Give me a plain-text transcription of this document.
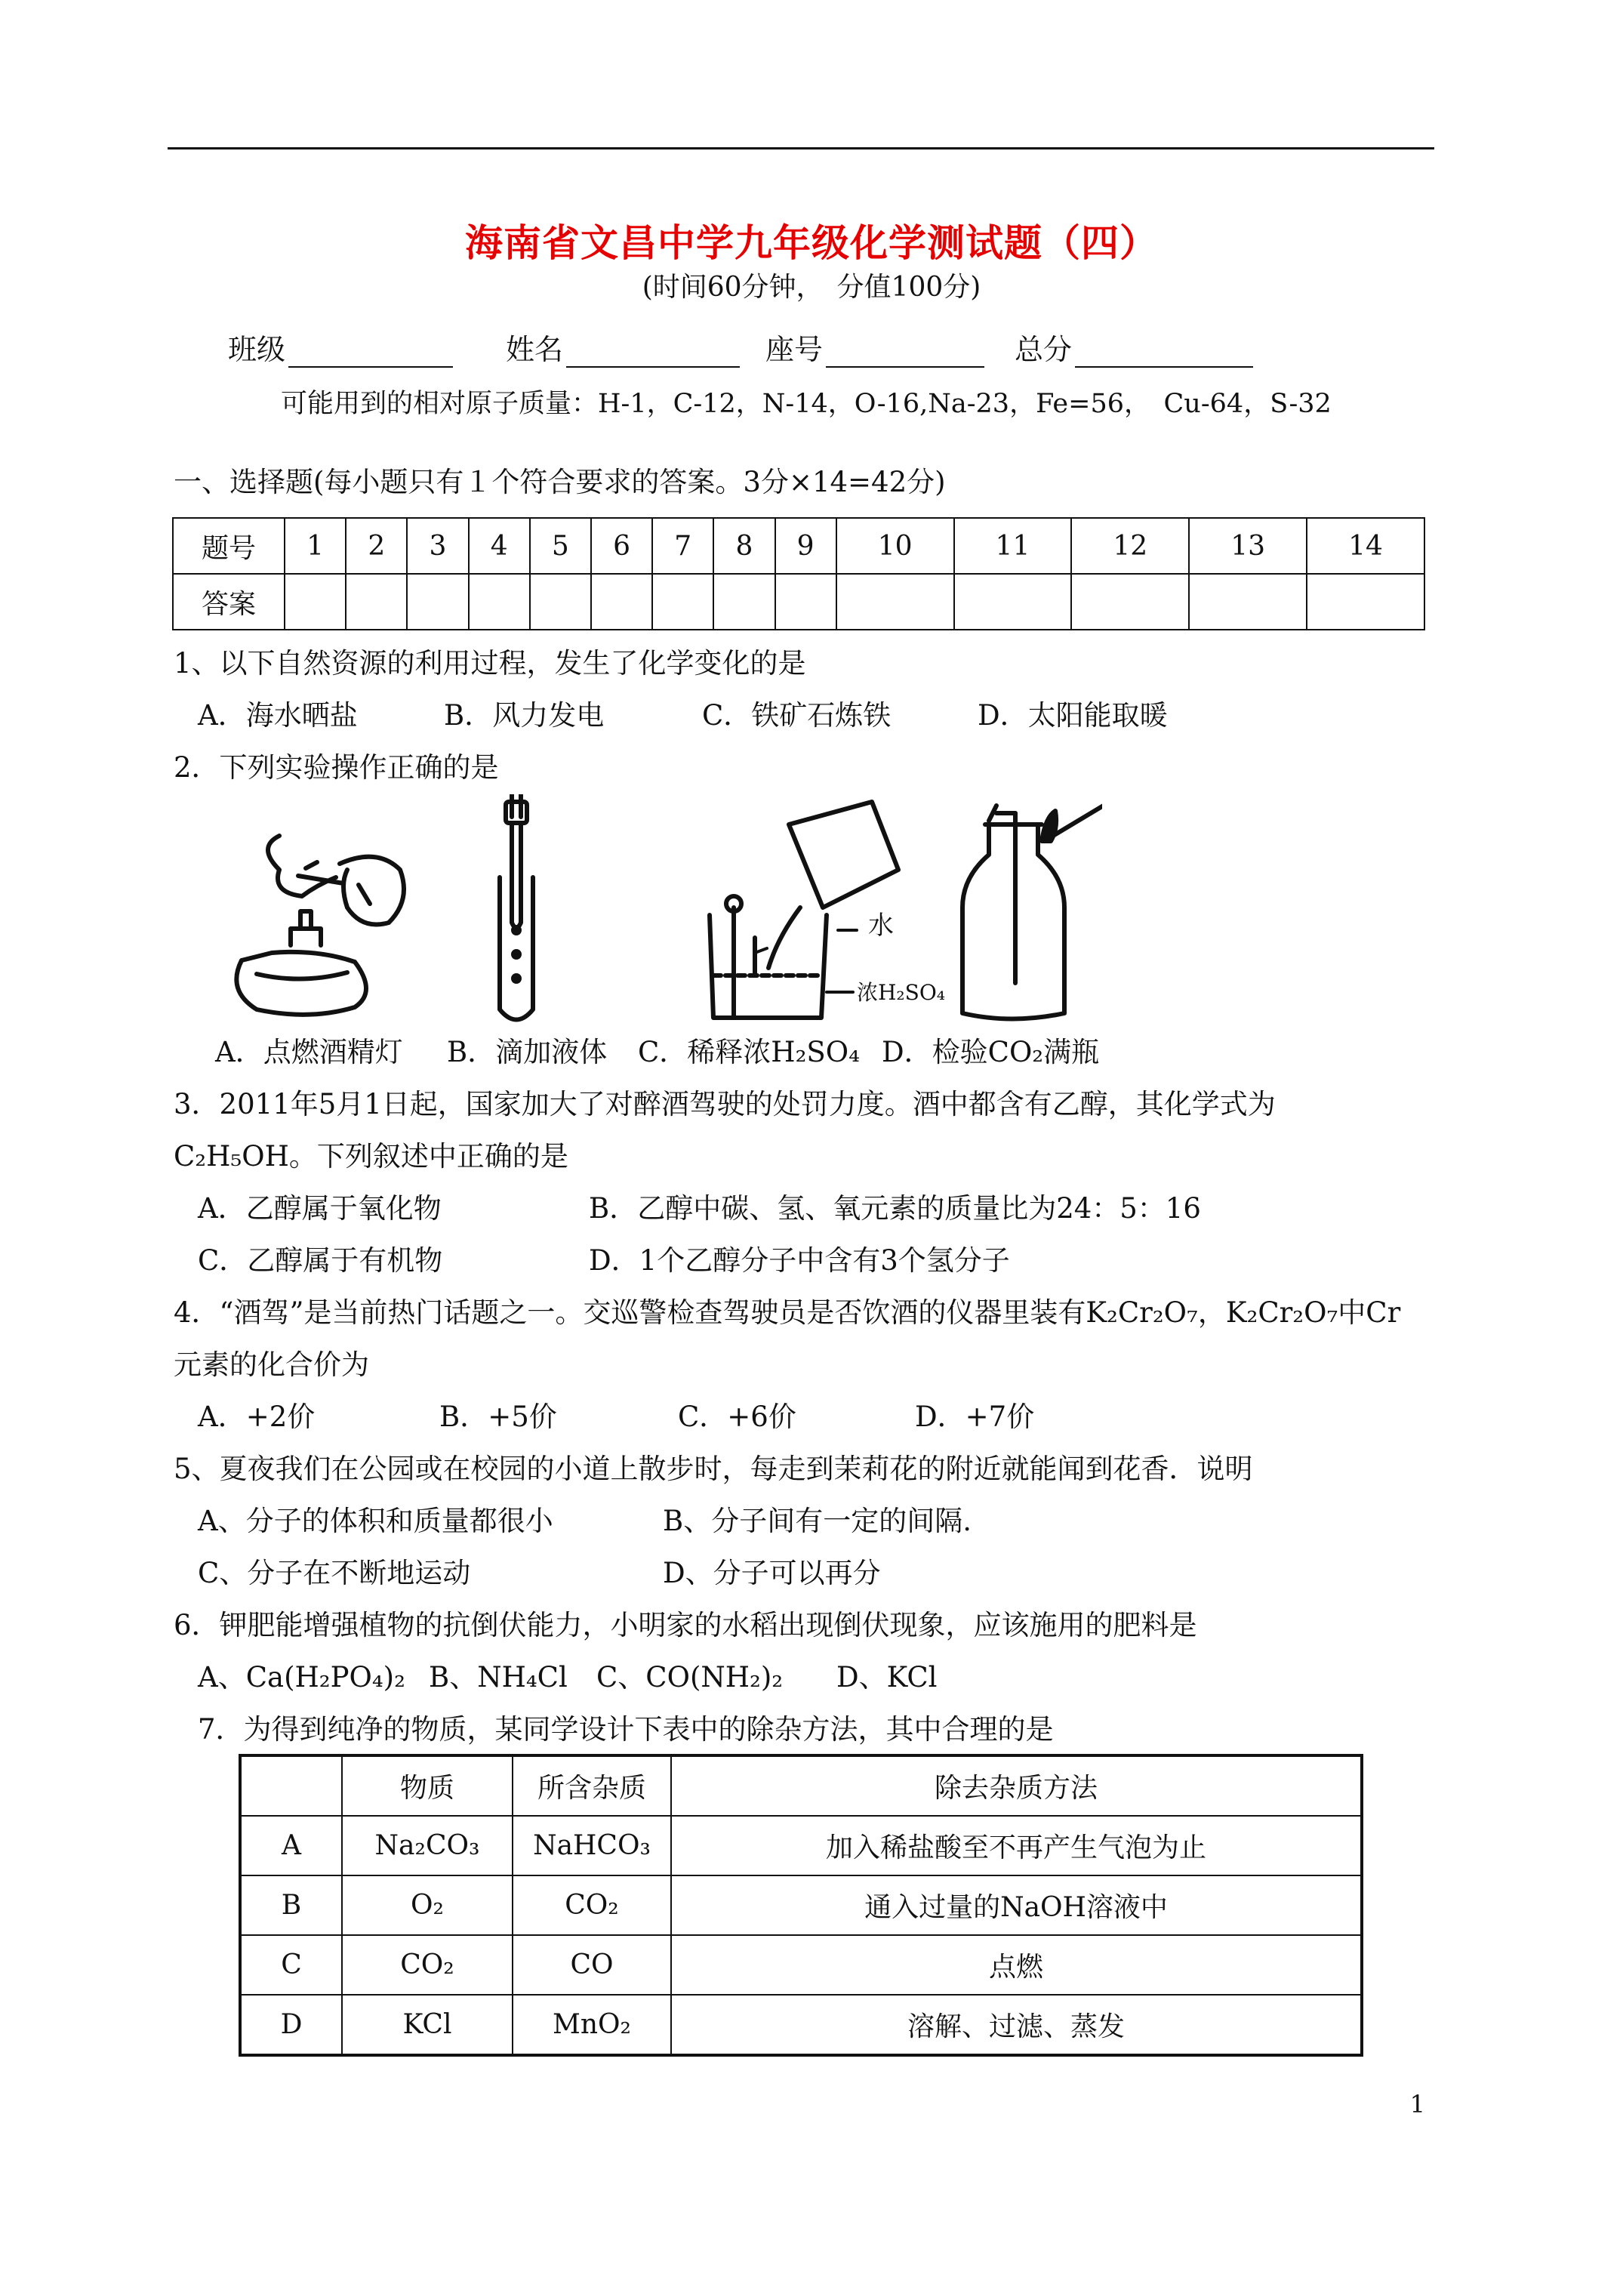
海南省文昌中学九年级化学测试题（四）
(时间60分钟，　分值100分)
班级	姓名	座号	总分
可能用到的相对原子质量：H-1，C-12，N-14，O-16,Na-23，Fe=56，　Cu-64，S-32
一、选择题(每小题只有１个符合要求的答案。3分×14=42分)
题号	1	2	3	4	5	6	7	8	9	10	11	12	13	14
答案														
1、以下自然资源的利用过程，发生了化学变化的是
A．海水晒盐	B．风力发电	C．铁矿石炼铁	D．太阳能取暖
2．下列实验操作正确的是
水
浓H₂SO₄
A．点燃酒精灯 B．滴加液体 C．稀释浓H₂SO₄ D．检验CO₂满瓶
3．2011年5月1日起，国家加大了对醉酒驾驶的处罚力度。酒中都含有乙醇，其化学式为
C₂H₅OH。下列叙述中正确的是
A．乙醇属于氧化物	B．乙醇中碳、氢、氧元素的质量比为24：5：16
C．乙醇属于有机物	D．1个乙醇分子中含有3个氢分子
4．“酒驾”是当前热门话题之一。交巡警检查驾驶员是否饮酒的仪器里装有K₂Cr₂O₇，K₂Cr₂O₇中Cr
元素的化合价为
A．+2价	B．+5价	C．+6价	D．+7价
5、夏夜我们在公园或在校园的小道上散步时，每走到茉莉花的附近就能闻到花香．说明
A、分子的体积和质量都很小	B、分子间有一定的间隔.
C、分子在不断地运动	D、分子可以再分
6．钾肥能增强植物的抗倒伏能力，小明家的水稻出现倒伏现象，应该施用的肥料是
A、Ca(H₂PO₄)₂ B、NH₄Cl C、CO(NH₂)₂ D、KCl
7．为得到纯净的物质，某同学设计下表中的除杂方法，其中合理的是
	物质	所含杂质	除去杂质方法
A	Na₂CO₃	NaHCO₃	加入稀盐酸至不再产生气泡为止
B	O₂	CO₂	通入过量的NaOH溶液中
C	CO₂	CO	点燃
D	KCl	MnO₂	溶解、过滤、蒸发
1
